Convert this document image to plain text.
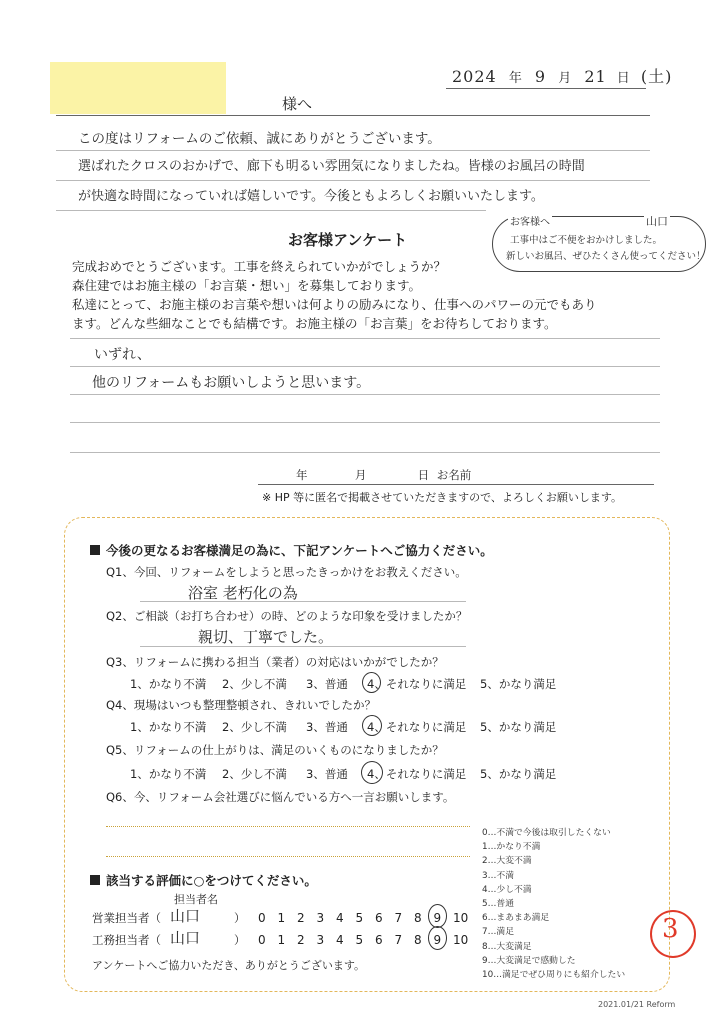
2024 年 9 月 21 日 (土)
様へ
この度はリフォームのご依頼、誠にありがとうございます。
選ばれたクロスのおかげで、廊下も明るい雰囲気になりましたね。皆様のお風呂の時間
が快適な時間になっていれば嬉しいです。今後ともよろしくお願いいたします。
お客様へ	山口
工事中はご不便をおかけしました。
新しいお風呂、ぜひたくさん使ってください！
お客様アンケート
完成おめでとうございます。工事を終えられていかがでしょうか？
森住建ではお施主様の「お言葉・想い」を募集しております。
私達にとって、お施主様のお言葉や想いは何よりの励みになり、仕事へのパワーの元でもあり
ます。どんな些細なことでも結構です。お施主様の「お言葉」をお待ちしております。
いずれ、
他のリフォームもお願いしようと思います。
年	月	日 お名前
※ HP 等に匿名で掲載させていただきますので、よろしくお願いします。
今後の更なるお客様満足の為に、下記アンケートへご協力ください。
Q1、今回、リフォームをしようと思ったきっかけをお教えください。
浴室 老朽化の為
Q2、ご相談（お打ち合わせ）の時、どのような印象を受けましたか？
親切、丁寧でした。
Q3、リフォームに携わる担当（業者）の対応はいかがでしたか？
1、かなり不満 2、少し不満 3、普通 4、それなりに満足 5、かなり満足
Q4、現場はいつも整理整頓され、きれいでしたか？
1、かなり不満 2、少し不満 3、普通 4、それなりに満足 5、かなり満足
Q5、リフォームの仕上がりは、満足のいくものになりましたか？
1、かなり不満 2、少し不満 3、普通 4、それなりに満足 5、かなり満足
Q6、今、リフォーム会社選びに悩んでいる方へ一言お願いします。
0…不満で今後は取引したくない
1…かなり不満
2…大変不満
3…不満
4…少し不満
5…普通
6…まあまあ満足
7…満足
8…大変満足
9…大変満足で感動した
10…満足でぜひ周りにも紹介したい
該当する評価に○をつけてください。
担当者名
営業担当者（ 山口	） 0 1 2 3 4 5 6 7 8 9 10
工務担当者（ 山口	） 0 1 2 3 4 5 6 7 8 9 10
アンケートへご協力いただき、ありがとうございます。
3
2021.01/21 Reform
